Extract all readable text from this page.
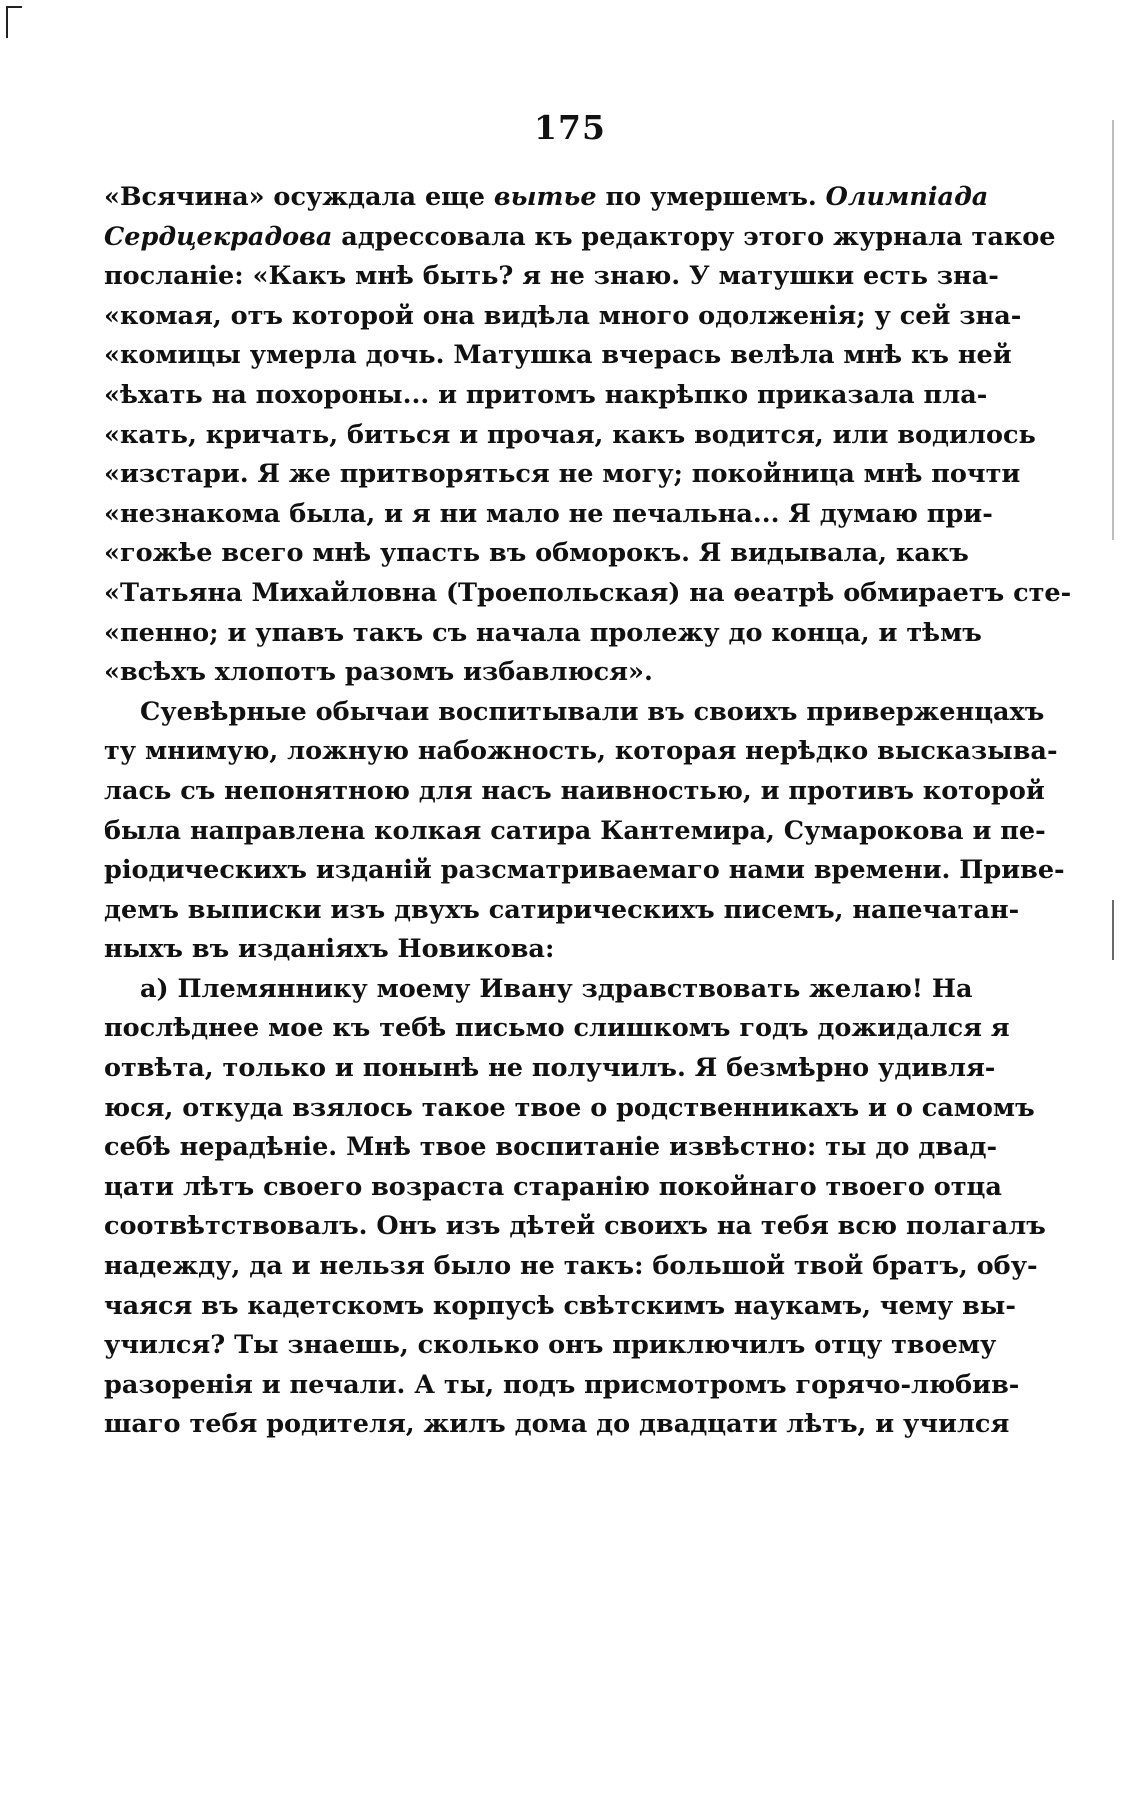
175
«Всячина» осуждала еще вытье по умершемъ. Олимпіада
Сердцекрадова адрессовала къ редактору этого журнала такое
посланіе: «Какъ мнѣ быть? я не знаю. У матушки есть зна-
«комая, отъ которой она видѣла много одолженія; у сей зна-
«комицы умерла дочь. Матушка вчерась велѣла мнѣ къ ней
«ѣхать на похороны... и притомъ накрѣпко приказала пла-
«кать, кричать, биться и прочая, какъ водится, или водилось
«изстари. Я же притворяться не могу; покойница мнѣ почти
«незнакома была, и я ни мало не печальна... Я думаю при-
«гожѣе всего мнѣ упасть въ обморокъ. Я видывала, какъ
«Татьяна Михайловна (Троепольская) на ѳеатрѣ обмираетъ сте-
«пенно; и упавъ такъ съ начала пролежу до конца, и тѣмъ
«всѣхъ хлопотъ разомъ избавлюся».
Суевѣрные обычаи воспитывали въ своихъ приверженцахъ
ту мнимую, ложную набожность, которая нерѣдко высказыва-
лась съ непонятною для насъ наивностью, и противъ которой
была направлена колкая сатира Кантемира, Сумарокова и пе-
ріодическихъ изданій разсматриваемаго нами времени. Приве-
демъ выписки изъ двухъ сатирическихъ писемъ, напечатан-
ныхъ въ изданіяхъ Новикова:
а) Племяннику моему Ивану здравствовать желаю! На
послѣднее мое къ тебѣ письмо слишкомъ годъ дожидался я
отвѣта, только и понынѣ не получилъ. Я безмѣрно удивля-
юся, откуда взялось такое твое о родственникахъ и о самомъ
себѣ нерадѣніе. Мнѣ твое воспитаніе извѣстно: ты до двад-
цати лѣтъ своего возраста старанію покойнаго твоего отца
соотвѣтствовалъ. Онъ изъ дѣтей своихъ на тебя всю полагалъ
надежду, да и нельзя было не такъ: большой твой братъ, обу-
чаяся въ кадетскомъ корпусѣ свѣтскимъ наукамъ, чему вы-
учился? Ты знаешь, сколько онъ приключилъ отцу твоему
разоренія и печали. А ты, подъ присмотромъ горячо-любив-
шаго тебя родителя, жилъ дома до двадцати лѣтъ, и учился
